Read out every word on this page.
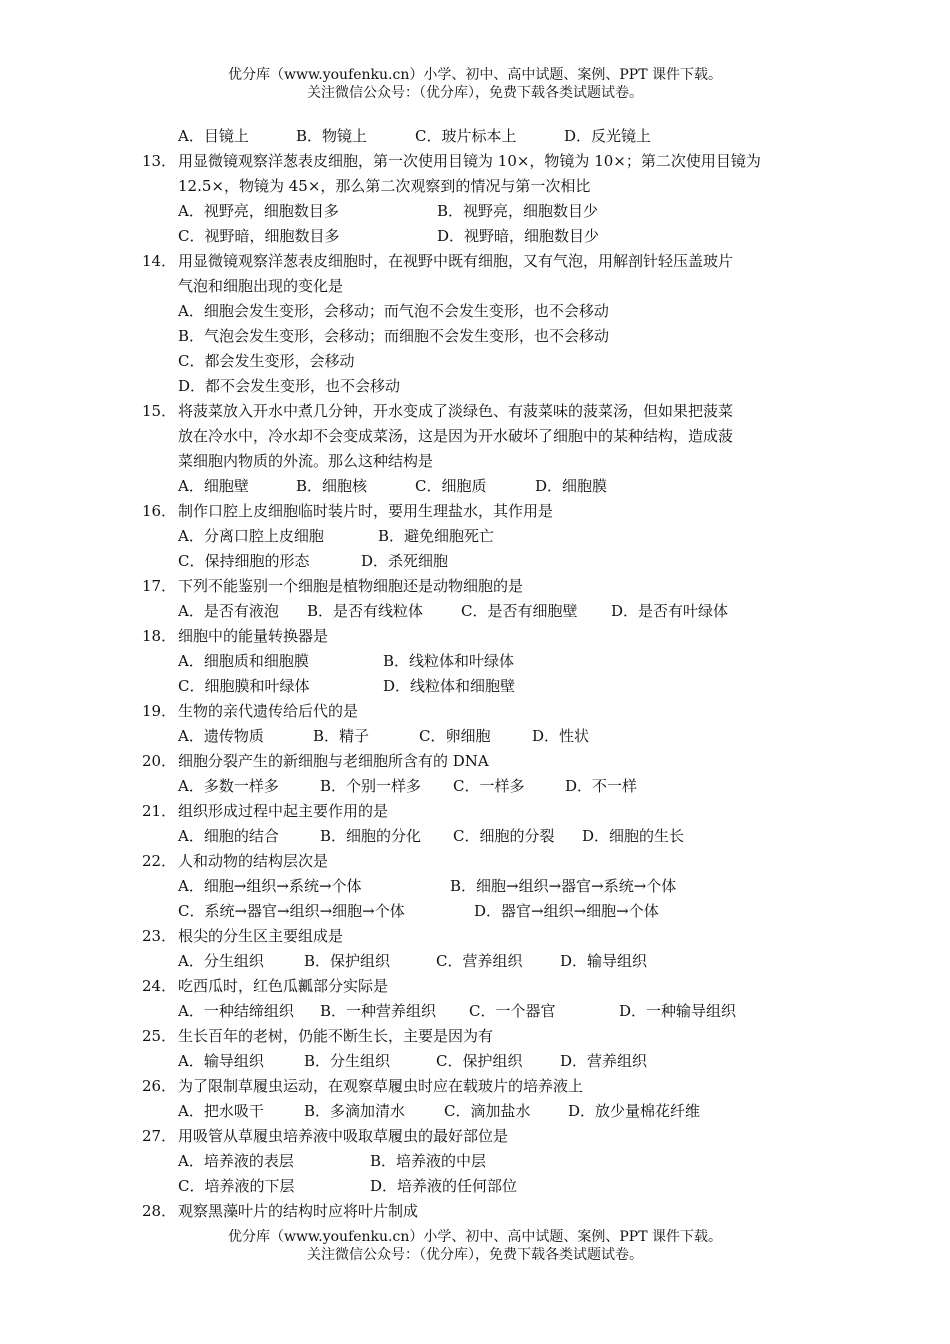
优分库（www.youfenku.cn）小学、初中、高中试题、案例、PPT 课件下载。
关注微信公众号：（优分库），免费下载各类试题试卷。
A．目镜上	B．物镜上	C．玻片标本上	D．反光镜上
13． 用显微镜观察洋葱表皮细胞，第一次使用目镜为 10×，物镜为 10×；第二次使用目镜为
12.5×，物镜为 45×，那么第二次观察到的情况与第一次相比
A．视野亮，细胞数目多	B．视野亮，细胞数目少
C．视野暗，细胞数目多	D．视野暗，细胞数目少
14． 用显微镜观察洋葱表皮细胞时，在视野中既有细胞，又有气泡，用解剖针轻压盖玻片
气泡和细胞出现的变化是
A．细胞会发生变形，会移动；而气泡不会发生变形，也不会移动
B．气泡会发生变形，会移动；而细胞不会发生变形，也不会移动
C．都会发生变形，会移动
D．都不会发生变形，也不会移动
15． 将菠菜放入开水中煮几分钟，开水变成了淡绿色、有菠菜味的菠菜汤，但如果把菠菜
放在冷水中，冷水却不会变成菜汤，这是因为开水破坏了细胞中的某种结构，造成菠
菜细胞内物质的外流。那么这种结构是
A．细胞壁	B．细胞核	C．细胞质	D．细胞膜
16． 制作口腔上皮细胞临时装片时，要用生理盐水，其作用是
A．分离口腔上皮细胞	B．避免细胞死亡
C．保持细胞的形态	D．杀死细胞
17． 下列不能鉴别一个细胞是植物细胞还是动物细胞的是
A．是否有液泡 B．是否有线粒体	C．是否有细胞壁 D．是否有叶绿体
18． 细胞中的能量转换器是
A．细胞质和细胞膜	B．线粒体和叶绿体
C．细胞膜和叶绿体	D．线粒体和细胞壁
19． 生物的亲代遗传给后代的是
A．遗传物质	B．精子	C．卵细胞	D．性状
20． 细胞分裂产生的新细胞与老细胞所含有的 DNA
A．多数一样多	B．个别一样多 C．一样多	D．不一样
21． 组织形成过程中起主要作用的是
A．细胞的结合	B．细胞的分化 C．细胞的分裂 D．细胞的生长
22． 人和动物的结构层次是
A．细胞→组织→系统→个体	B．细胞→组织→器官→系统→个体
C．系统→器官→组织→细胞→个体	D．器官→组织→细胞→个体
23． 根尖的分生区主要组成是
A．分生组织	B．保护组织	C．营养组织	D．输导组织
24． 吃西瓜时，红色瓜瓤部分实际是
A．一种结缔组织 B．一种营养组织 C．一个器官	D．一种输导组织
25． 生长百年的老树，仍能不断生长，主要是因为有
A．输导组织	B．分生组织	C．保护组织	D．营养组织
26． 为了限制草履虫运动，在观察草履虫时应在载玻片的培养液上
A．把水吸干	B．多滴加清水	C．滴加盐水	D．放少量棉花纤维
27． 用吸管从草履虫培养液中吸取草履虫的最好部位是
A．培养液的表层	B．培养液的中层
C．培养液的下层	D．培养液的任何部位
28． 观察黑藻叶片的结构时应将叶片制成
优分库（www.youfenku.cn）小学、初中、高中试题、案例、PPT 课件下载。
关注微信公众号：（优分库），免费下载各类试题试卷。
